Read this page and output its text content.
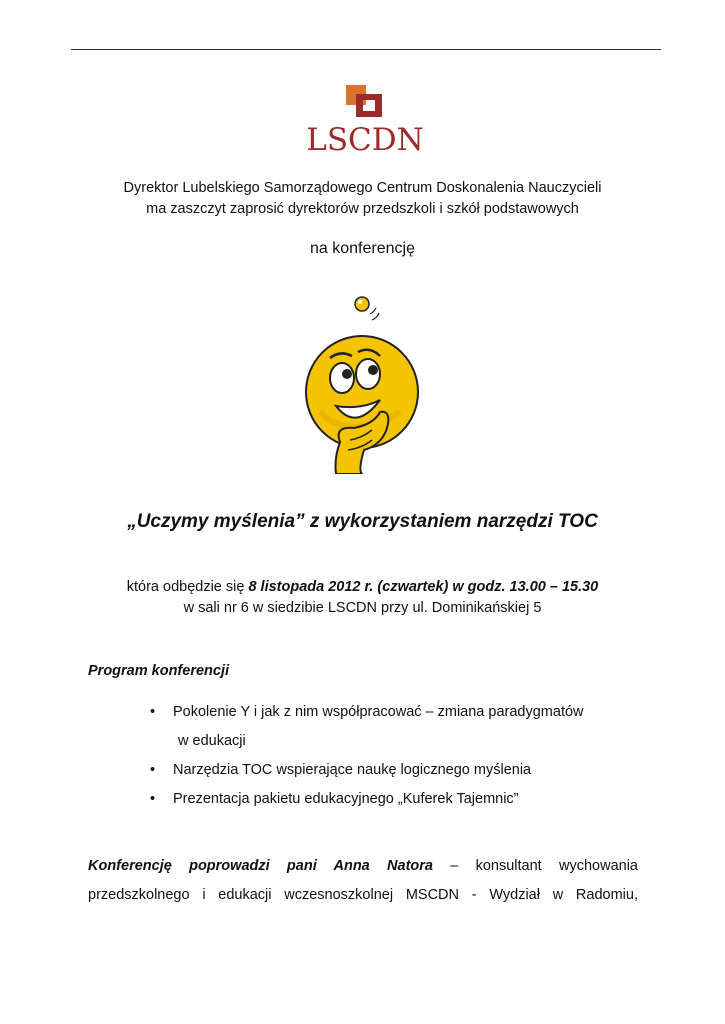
LSCDN
Dyrektor Lubelskiego Samorządowego Centrum Doskonalenia Nauczycieli
ma zaszczyt zaprosić dyrektorów przedszkoli i szkół podstawowych
na konferencję
„Uczymy myślenia” z wykorzystaniem narzędzi TOC
która odbędzie się 8 listopada 2012 r. (czwartek) w godz. 13.00 – 15.30
w sali nr 6 w siedzibie LSCDN przy ul. Dominikańskiej 5
Program konferencji
• Pokolenie Y i jak z nim współpracować – zmiana paradygmatów
w edukacji
• Narzędzia TOC wspierające naukę logicznego myślenia
• Prezentacja pakietu edukacyjnego „Kuferek Tajemnic”
Konferencję poprowadzi pani Anna Natora – konsultant wychowania
przedszkolnego i edukacji wczesnoszkolnej MSCDN - Wydział w Radomiu,
